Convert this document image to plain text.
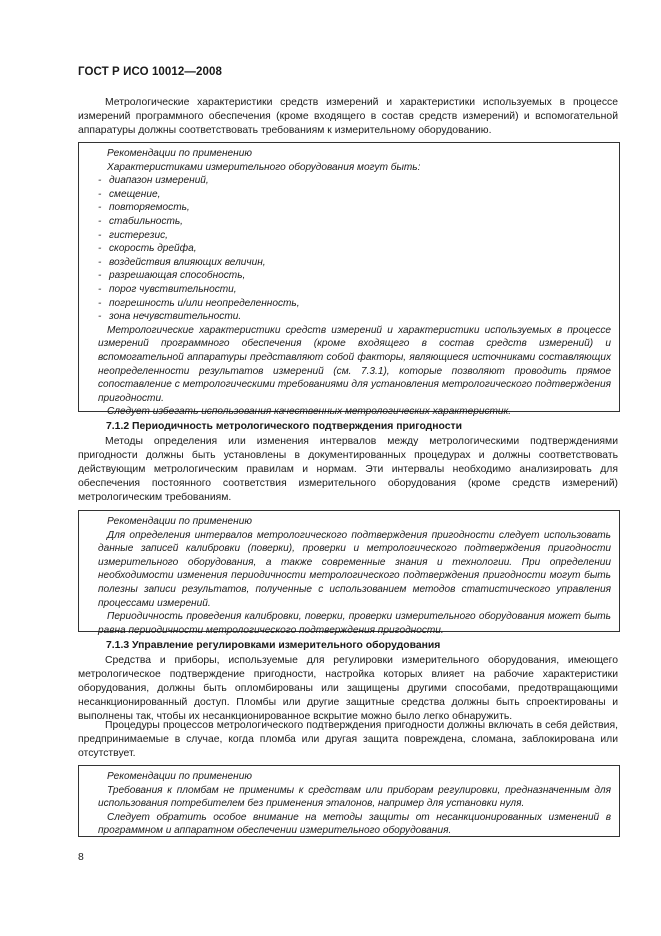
ГОСТ Р ИСО 10012—2008

Метрологические характеристики средств измерений и характеристики используемых в процессе измерений программного обеспечения (кроме входящего в состав средств измерений) и вспомогательной аппаратуры должны соответствовать требованиям к измерительному оборудованию.

Рекомендации по применению

Характеристиками измерительного оборудования могут быть:

- диапазон измерений,
- смещение,
- повторяемость,
- стабильность,
- гистерезис,
- скорость дрейфа,
- воздействия влияющих величин,
- разрешающая способность,
- порог чувствительности,
- погрешность и/или неопределенность,
- зона нечувствительности.

Метрологические характеристики средств измерений и характеристики используемых в процессе измерений программного обеспечения (кроме входящего в состав средств измерений) и вспомогательной аппаратуры представляют собой факторы, являющиеся источниками составляющих неопределенности результатов измерений (см. 7.3.1), которые позволяют проводить прямое сопоставление с метрологическими требованиями для установления метрологического подтверждения пригодности.

Следует избегать использования качественных метрологических характеристик.

7.1.2 Периодичность метрологического подтверждения пригодности

Методы определения или изменения интервалов между метрологическими подтверждениями пригодности должны быть установлены в документированных процедурах и должны соответствовать действующим метрологическим правилам и нормам. Эти интервалы необходимо анализировать для обеспечения постоянного соответствия измерительного оборудования (кроме средств измерений) метрологическим требованиям.

Рекомендации по применению

Для определения интервалов метрологического подтверждения пригодности следует использовать данные записей калибровки (поверки), проверки и метрологического подтверждения пригодности измерительного оборудования, а также современные знания и технологии. При определении необходимости изменения периодичности метрологического подтверждения пригодности могут быть полезны записи результатов, полученные с использованием методов статистического управления процессами измерений.

Периодичность проведения калибровки, поверки, проверки измерительного оборудования может быть равна периодичности метрологического подтверждения пригодности.

7.1.3 Управление регулировками измерительного оборудования

Средства и приборы, используемые для регулировки измерительного оборудования, имеющего метрологическое подтверждение пригодности, настройка которых влияет на рабочие характеристики оборудования, должны быть опломбированы или защищены другими способами, предотвращающими несанкционированный доступ. Пломбы или другие защитные средства должны быть спроектированы и выполнены так, чтобы их несанкционированное вскрытие можно было легко обнаружить.

Процедуры процессов метрологического подтверждения пригодности должны включать в себя действия, предпринимаемые в случае, когда пломба или другая защита повреждена, сломана, заблокирована или отсутствует.

Рекомендации по применению

Требования к пломбам не применимы к средствам или приборам регулировки, предназначенным для использования потребителем без применения эталонов, например для установки нуля.

Следует обратить особое внимание на методы защиты от несанкционированных изменений в программном и аппаратном обеспечении измерительного оборудования.

8
